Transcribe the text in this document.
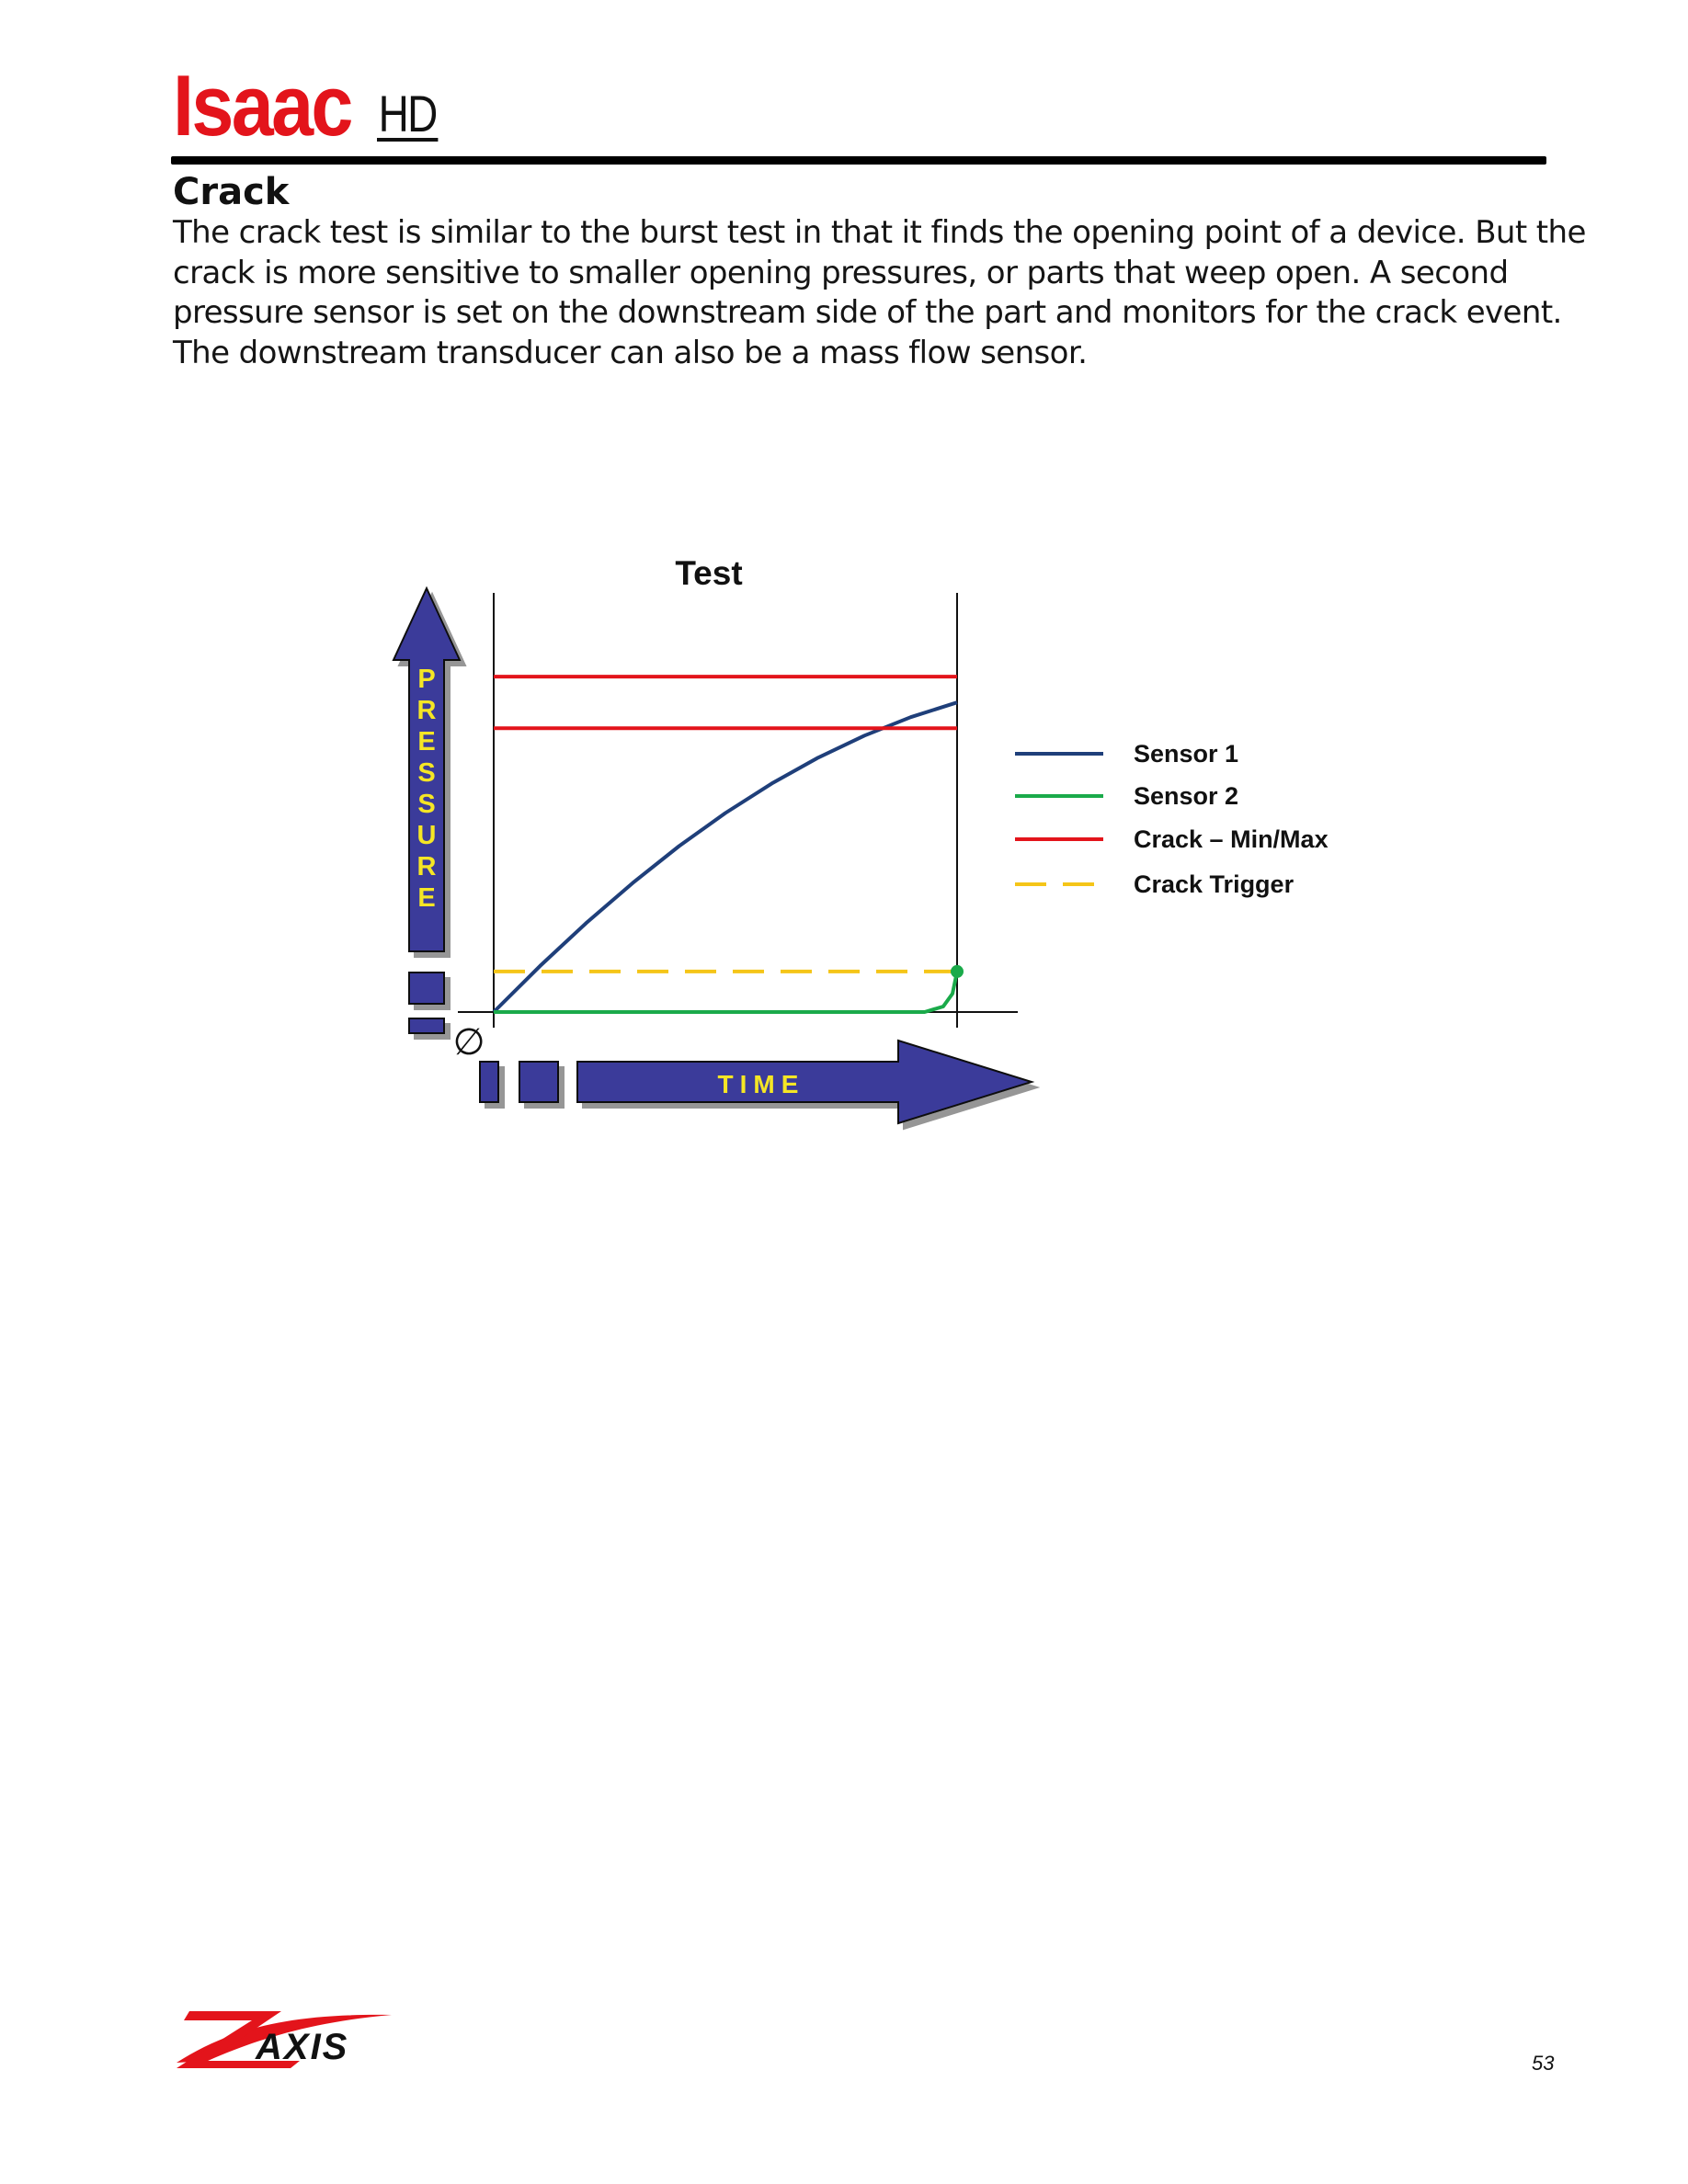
Isaac HD
Crack

The crack test is similar to the burst test in that it finds the opening point of a device. But the crack is more sensitive to smaller opening pressures, or parts that weep open. A second pressure sensor is set on the downstream side of the part and monitors for the crack event. The downstream transducer can also be a mass flow sensor.

P
R
E
S
S
U
R
E
TIME
∅
Test
Sensor 1
Sensor 2
Crack – Min/Max
Crack Trigger
AXIS	53
